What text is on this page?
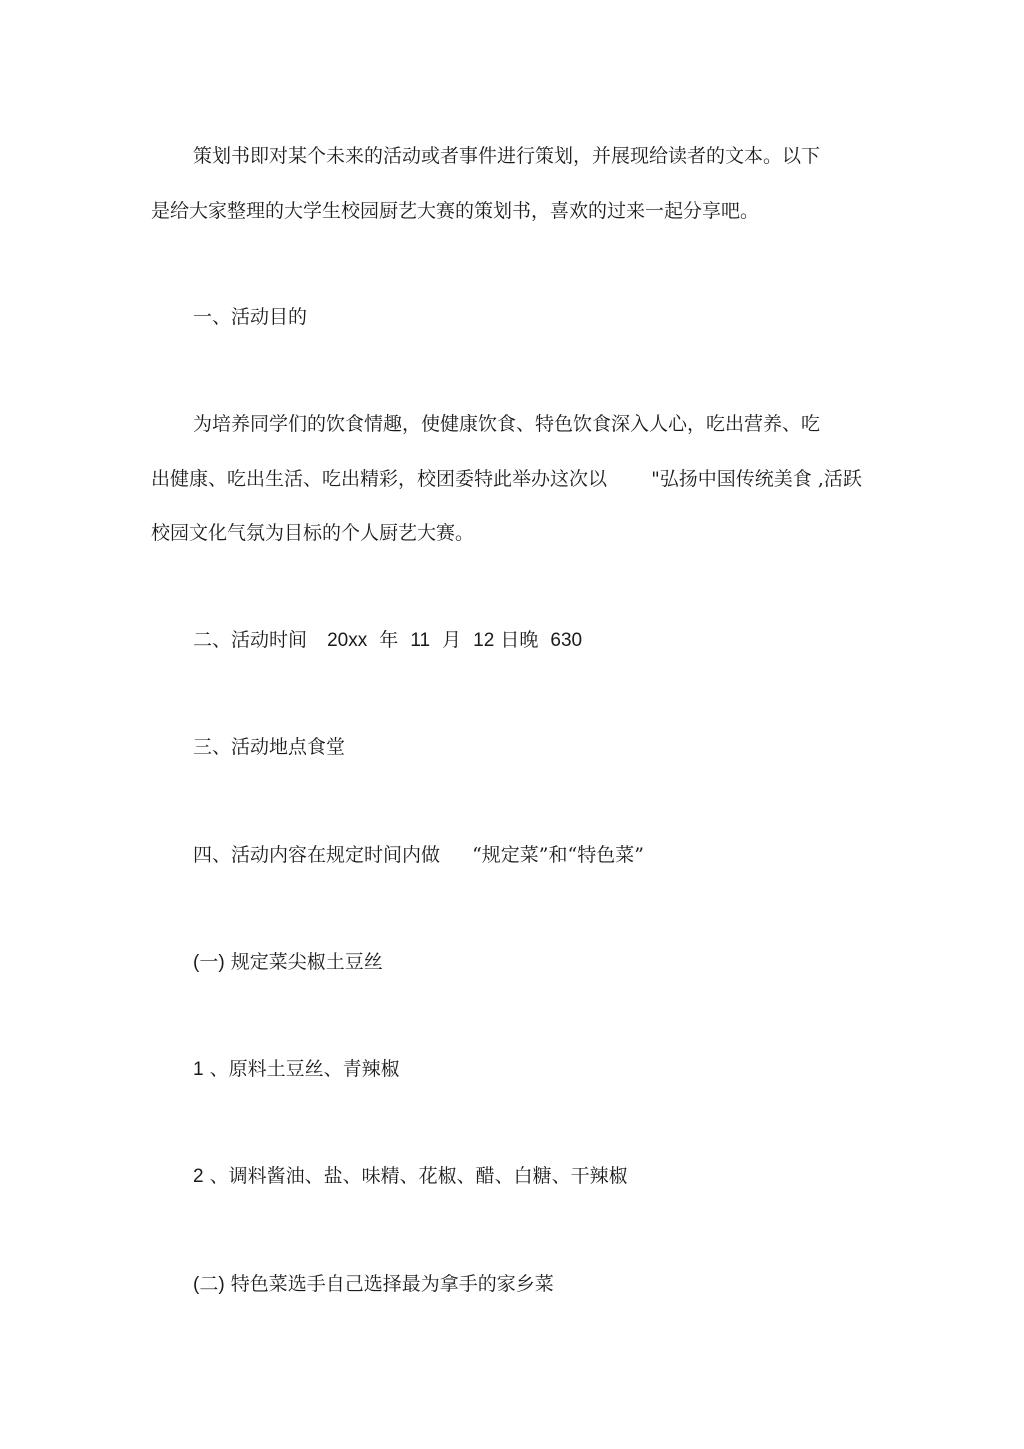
策划书即对某个未来的活动或者事件进行策划，并展现给读者的文本。以下

是给大家整理的大学生校园厨艺大赛的策划书，喜欢的过来一起分享吧。

一、活动目的

为培养同学们的饮食情趣，使健康饮食、特色饮食深入人心，吃出营养、吃

出健康、吃出生活、吃出精彩，校团委特此举办这次以 "弘扬中国传统美食 ,活跃

校园文化气氛为目标的个人厨艺大赛。

二、活动时间 20xx 年 11 月 12 日晚 630

三、活动地点食堂

四、活动内容在规定时间内做 “规定菜”和“特色菜”

(一) 规定菜尖椒土豆丝

1 、原料土豆丝、青辣椒

2 、调料酱油、盐、味精、花椒、醋、白糖、干辣椒

(二) 特色菜选手自己选择最为拿手的家乡菜
